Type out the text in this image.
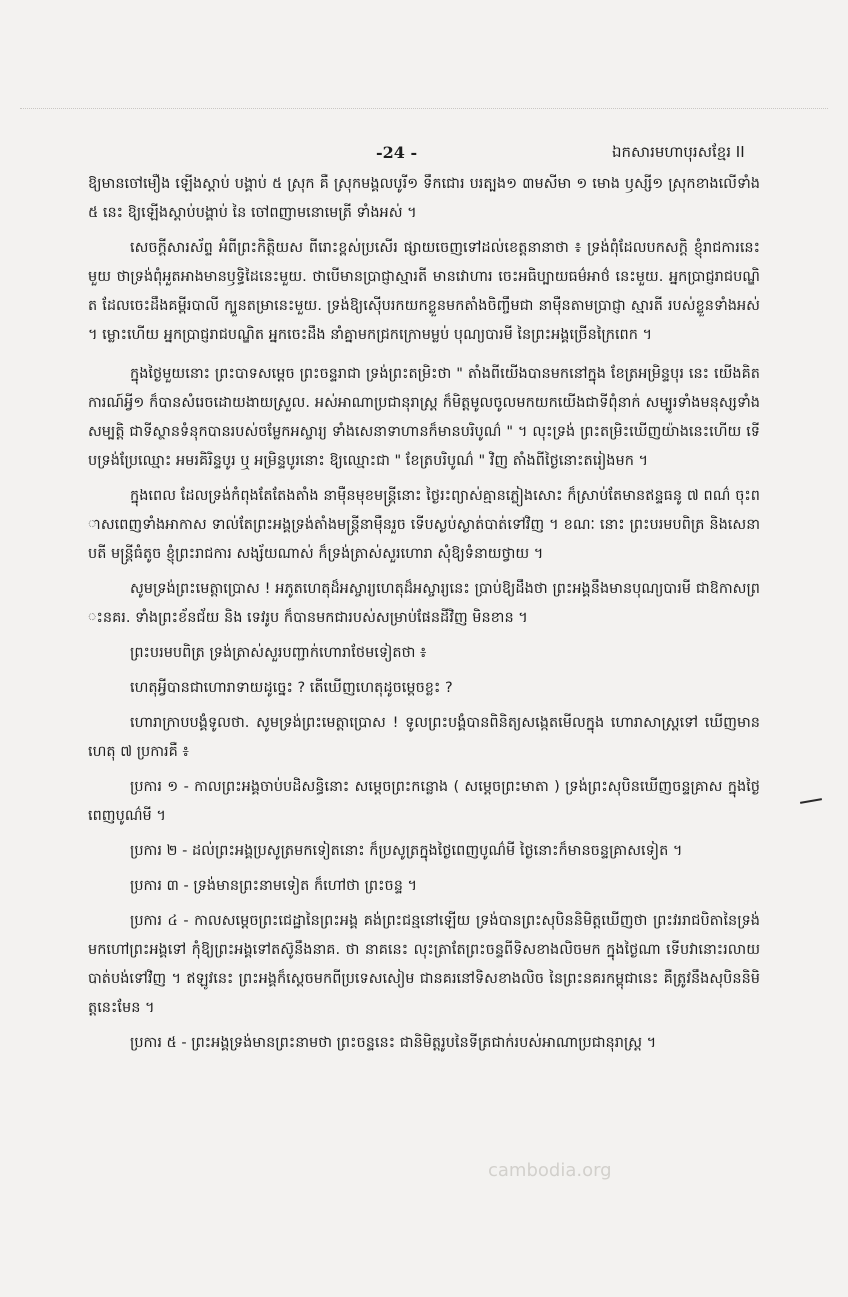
-24 -	ឯកសារមហាបុរសខ្មែរ II

ឱ្យមានចៅមឿង ឡើងស្តាប់ បង្គាប់ ៥ ស្រុក គឺ ស្រុកមង្គលបូរី១ ទឹកជោរ បរត្បង១ ៣មសីមា ១ មោង ឫស្សី១ ស្រុកខាងលើទាំង ៥ នេះ ឱ្យឡើងស្តាប់បង្គាប់ នៃ ចៅពញាមនោមេត្រី ទាំងអស់ ។

សេចក្តីសារស័ព្ទ អំពីព្រះកិត្តិយស ពីរោះខ្ពស់ប្រសើរ ផ្សាយចេញទៅដល់ខេត្តនានាថា ៖ ទ្រង់ពុំដែលបកសក្តិ ខ្ញុំរាជការនេះមួយ ថាទ្រង់ពុំអួតអាងមានឫទ្ធិដៃនេះមួយ. ថាបើមានប្រាជ្ញាស្មារតី មានវោហារ ចេះអធិប្បាយធម៌អាថ៌ នេះមួយ. អ្នកប្រាជ្ញរាជបណ្ឌិត ដែលចេះដឹងគម្ពីរបាលី ក្បួនតម្រានេះមួយ. ទ្រង់ឱ្យស៊ើបរកយកខ្លួនមកតាំងចិញ្ចឹមជា នាម៉ឺនតាមប្រាជ្ញា ស្មារតី របស់ខ្លួនទាំងអស់ ។ ម្លោះហើយ អ្នកប្រាជ្ញរាជបណ្ឌិត អ្នកចេះដឹង នាំគ្នាមកជ្រកក្រោមម្លប់ បុណ្យបារមី នៃព្រះអង្គច្រើនក្រៃពេក ។

ក្នុងថ្ងៃមួយនោះ ព្រះបាទសម្តេច ព្រះចន្ទរាជា ទ្រង់ព្រះតម្រិះថា " តាំងពីយើងបានមកនៅក្នុង ខែត្រអម្រិន្ទបុរ នេះ យើងគិតការណ៍អ្វី១ ក៏បានសំរេចដោយងាយស្រួល. អស់អាណាប្រជានុរាស្ត្រ ក៏មិត្តមូលចូលមកយកយើងជាទីពុំនាក់ សម្បូរទាំងមនុស្សទាំងសម្បត្តិ ជាទីស្ថានទំនុកបានរបស់ចម្លែកអស្ចារ្យ ទាំងសេនាទាហានក៏មានបរិបូណ៌ " ។ លុះទ្រង់ ព្រះតម្រិះឃើញយ៉ាងនេះហើយ ទើបទ្រង់ប្រែឈ្មោះ អមរគិរិន្ទបូរ ឬ អម្រិន្ទបូរនោះ ឱ្យឈ្មោះជា " ខែត្របរិបូណ៌ " វិញ តាំងពីថ្ងៃនោះតរៀងមក ។

ក្នុងពេល ដែលទ្រង់កំពុងតែតែងតាំង នាម៉ឺនមុខមន្ត្រីនោះ ថ្ងៃរះព្យាស់គ្មានភ្លៀងសោះ ក៏ស្រាប់តែមានឥន្ទធនូ ៧ ពណ៌ ចុះពាសពេញទាំងអាកាស ទាល់តែព្រះអង្គទ្រង់តាំងមន្ត្រីនាម៉ឺនរួច ទើបស្ងប់ស្ងាត់បាត់ទៅវិញ ។ ខណៈ នោះ ព្រះបរមបពិត្រ និងសេនាបតី មន្ត្រីធំតូច ខ្ញុំព្រះរាជការ សង្ស័យណាស់ ក៏ទ្រង់ត្រាស់សួរហោរា សុំឱ្យទំនាយថ្វាយ ។

សូមទ្រង់ព្រះមេត្តាប្រោស ! អភូតហេតុដ៏អស្ចារ្យហេតុដ៏អស្ចារ្យនេះ ប្រាប់ឱ្យដឹងថា ព្រះអង្គនឹងមានបុណ្យបារមី ជាឱកាសព្រះនគរ. ទាំងព្រះខ័នជ័យ និង ទេវរូប ក៏បានមកជារបស់សម្រាប់ផែនដីវិញ មិនខាន ។

ព្រះបរមបពិត្រ ទ្រង់ត្រាស់សួរបញ្ជាក់ហោរាថែមទៀតថា ៖

ហេតុអ្វីបានជាហោរាទាយដូច្នេះ ? តើឃើញហេតុដូចម្តេចខ្លះ ?

ហោរាក្រាបបង្គំទូលថា. សូមទ្រង់ព្រះមេត្តាប្រោស ! ទូលព្រះបង្គំបានពិនិត្យសង្កេតមើលក្នុង ហោរាសាស្ត្រទៅ ឃើញមានហេតុ ៧ ប្រការគឺ ៖

ប្រការ ១ - កាលព្រះអង្គចាប់បដិសន្ធិនោះ សម្តេចព្រះកន្លោង ( សម្តេចព្រះមាតា ) ទ្រង់ព្រះសុបិនឃើញចន្ទគ្រាស ក្នុងថ្ងៃពេញបូណ៌មី ។

ប្រការ ២ - ដល់ព្រះអង្គប្រសូត្រមកទៀតនោះ ក៏ប្រសូត្រក្នុងថ្ងៃពេញបូណ៌មី ថ្ងៃនោះក៏មានចន្ទគ្រាសទៀត ។

ប្រការ ៣ - ទ្រង់មានព្រះនាមទៀត ក៏ហៅថា ព្រះចន្ទ ។

ប្រការ ៤ - កាលសម្តេចព្រះជេដ្ឋានៃព្រះអង្គ គង់ព្រះជន្មនៅឡើយ ទ្រង់បានព្រះសុបិននិមិត្តឃើញថា ព្រះវររាជបិតានៃទ្រង់ មកហៅព្រះអង្គទៅ កុំឱ្យព្រះអង្គទៅតស៊ូនឹងនាគ. ថា នាគនេះ លុះត្រាតែព្រះចន្ទពីទិសខាងលិចមក ក្នុងថ្ងៃណា ទើបវានោះរលាយបាត់បង់ទៅវិញ ។ ឥឡូវនេះ ព្រះអង្គក៏ស្តេចមកពីប្រទេសសៀម ជានគរនៅទិសខាងលិច នៃព្រះនគរកម្ពុជានេះ គឺត្រូវនឹងសុបិននិមិត្តនេះមែន ។

ប្រការ ៥ - ព្រះអង្គទ្រង់មានព្រះនាមថា ព្រះចន្ទនេះ ជានិមិត្តរូបនៃទីត្រជាក់របស់អាណាប្រជានុរាស្ត្រ ។

cambodia.org
